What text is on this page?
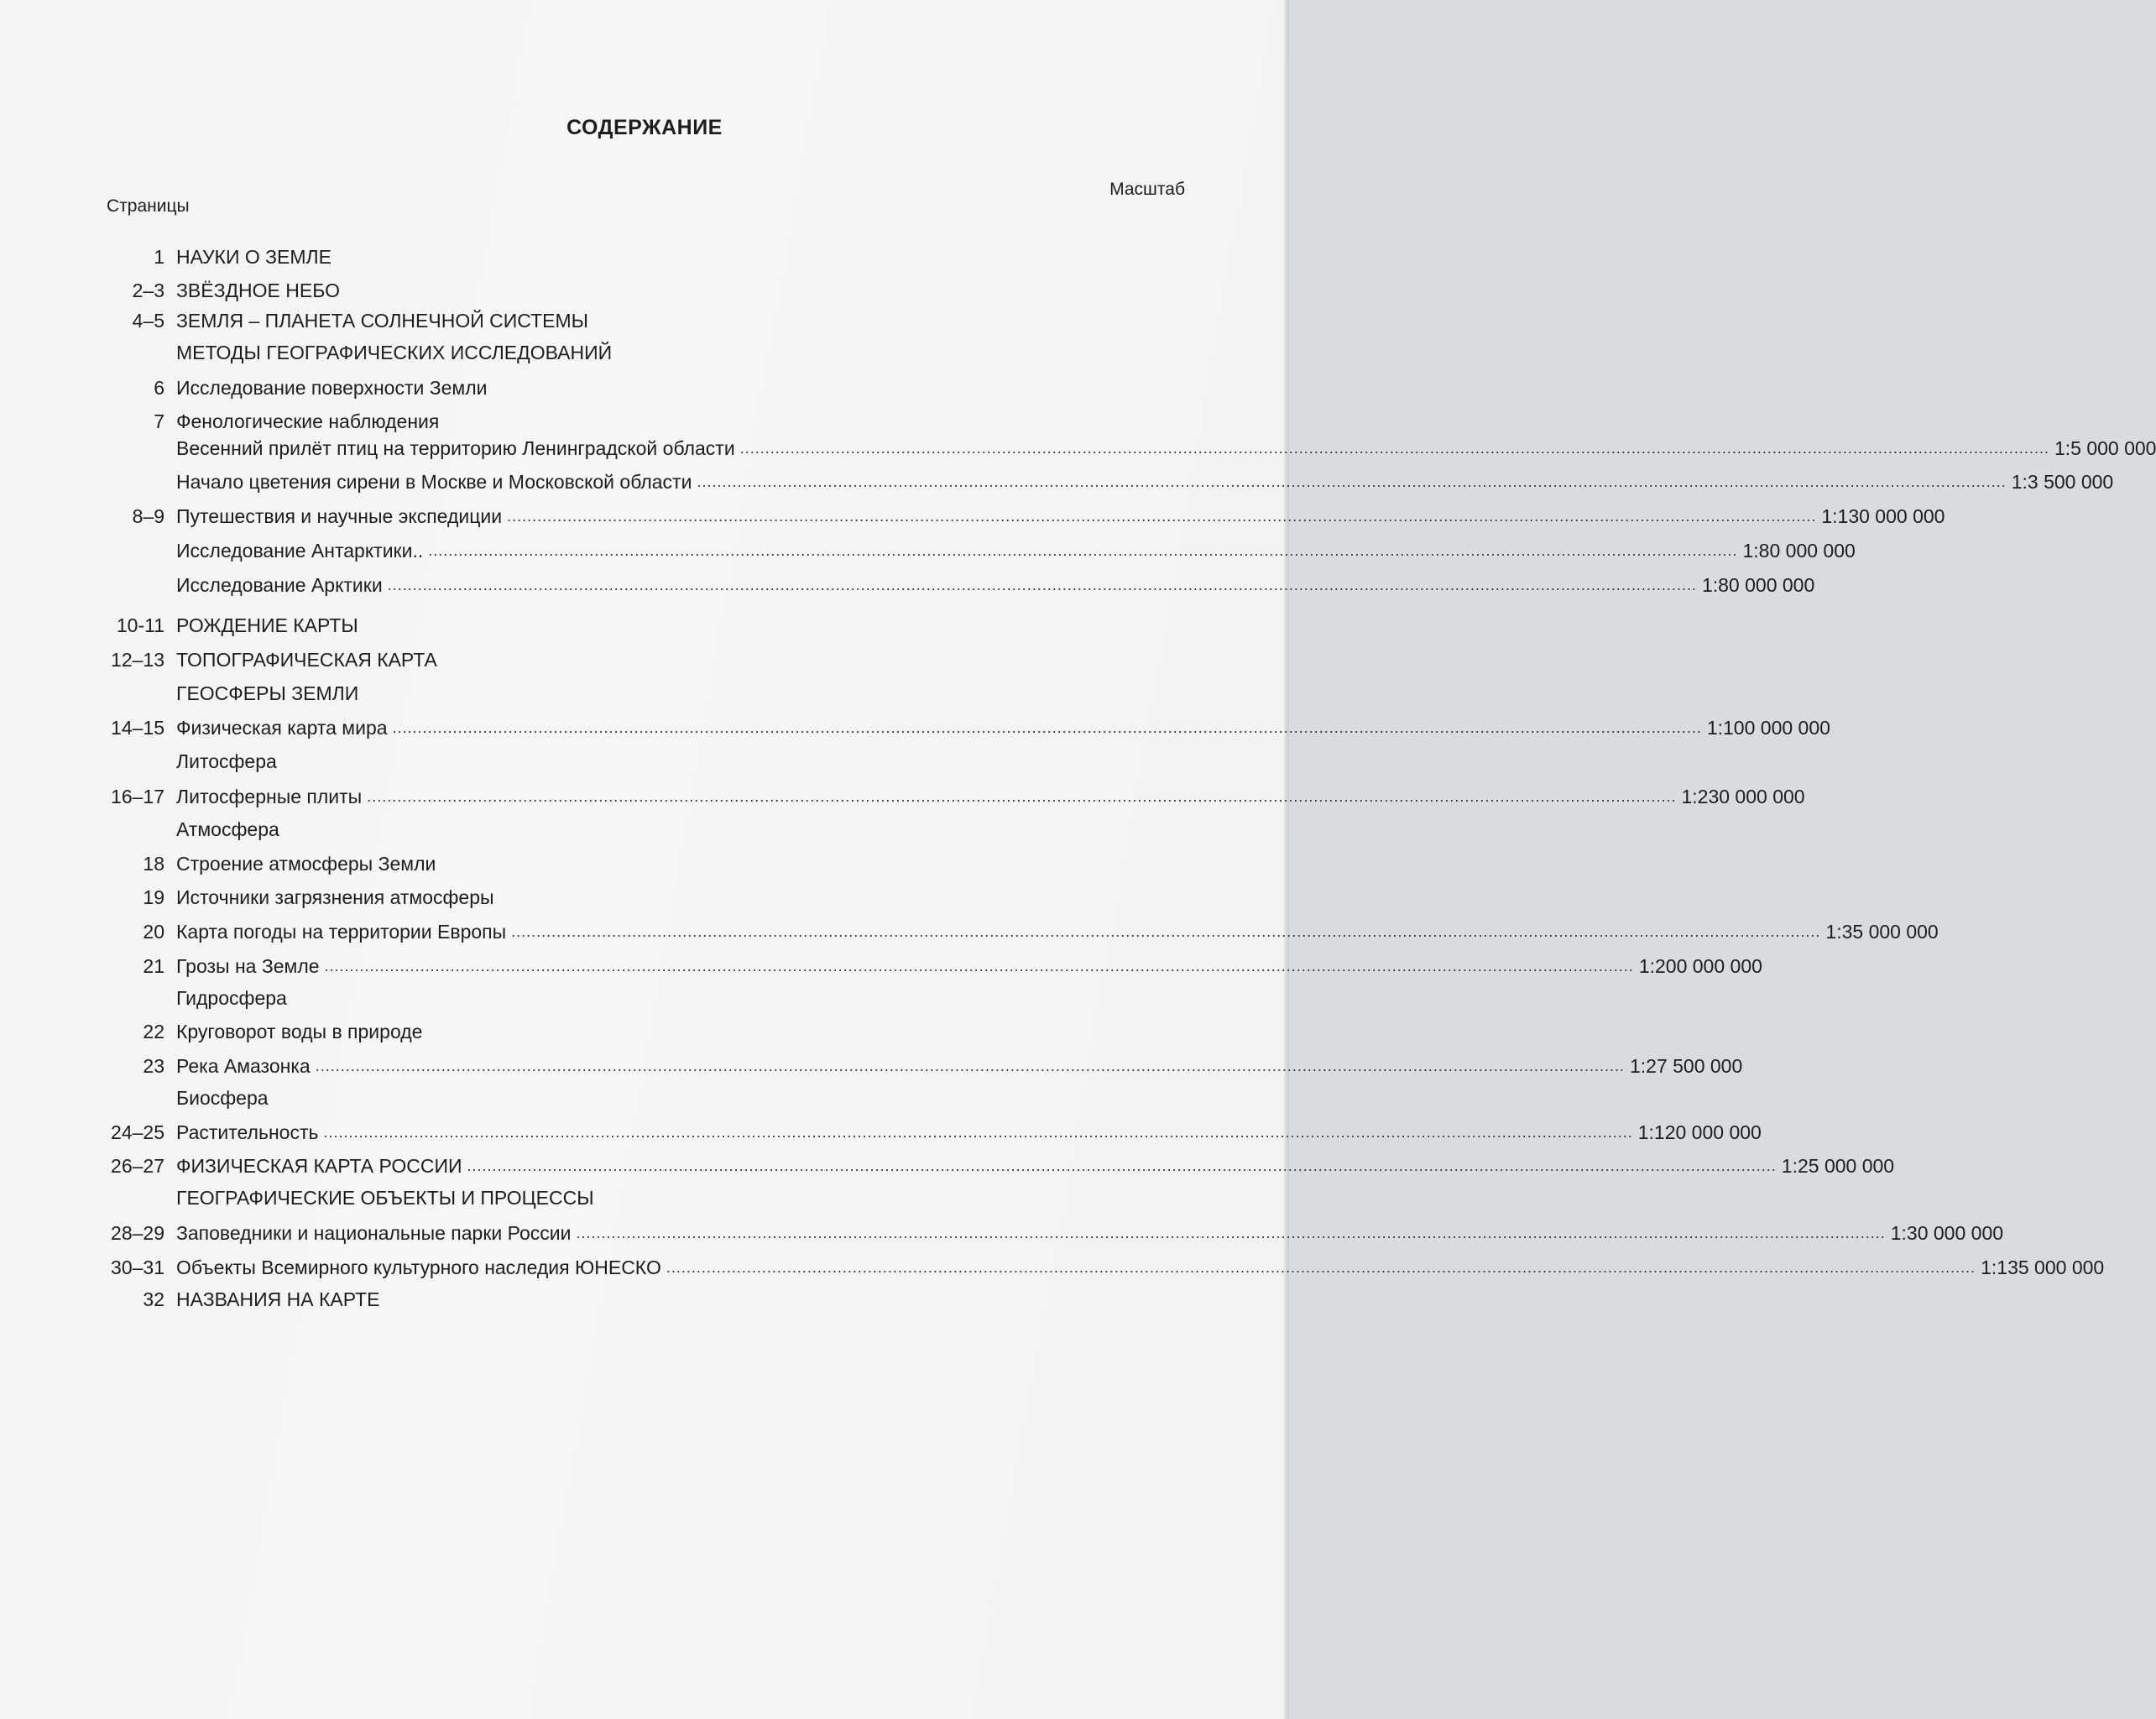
СОДЕРЖАНИЕ
Страницы
Масштаб
1 НАУКИ О ЗЕМЛЕ
2–3 ЗВЁЗДНОЕ НЕБО
4–5 ЗЕМЛЯ – ПЛАНЕТА СОЛНЕЧНОЙ СИСТЕМЫ
МЕТОДЫ ГЕОГРАФИЧЕСКИХ ИССЛЕДОВАНИЙ
6 Исследование поверхности Земли
7 Фенологические наблюдения
Весенний прилёт птиц на территорию Ленинградской области .................................................................................................................................................................................................................................................................... 1:5 000 000
Начало цветения сирени в Москве и Московской области .................................................................................................................................................................................................................................................................... 1:3 500 000
8–9 Путешествия и научные экспедиции .................................................................................................................................................................................................................................................................... 1:130 000 000
Исследование Антарктики.. .................................................................................................................................................................................................................................................................... 1:80 000 000
Исследование Арктики .................................................................................................................................................................................................................................................................... 1:80 000 000
10-11 РОЖДЕНИЕ КАРТЫ
12–13 ТОПОГРАФИЧЕСКАЯ КАРТА
ГЕОСФЕРЫ ЗЕМЛИ
14–15 Физическая карта мира .................................................................................................................................................................................................................................................................... 1:100 000 000
Литосфера
16–17 Литосферные плиты .................................................................................................................................................................................................................................................................... 1:230 000 000
Атмосфера
18 Строение атмосферы Земли
19 Источники загрязнения атмосферы
20 Карта погоды на территории Европы .................................................................................................................................................................................................................................................................... 1:35 000 000
21 Грозы на Земле .................................................................................................................................................................................................................................................................... 1:200 000 000
Гидросфера
22 Круговорот воды в природе
23 Река Амазонка .................................................................................................................................................................................................................................................................... 1:27 500 000
Биосфера
24–25 Растительность .................................................................................................................................................................................................................................................................... 1:120 000 000
26–27 ФИЗИЧЕСКАЯ КАРТА РОССИИ .................................................................................................................................................................................................................................................................... 1:25 000 000
ГЕОГРАФИЧЕСКИЕ ОБЪЕКТЫ И ПРОЦЕССЫ
28–29 Заповедники и национальные парки России .................................................................................................................................................................................................................................................................... 1:30 000 000
30–31 Объекты Всемирного культурного наследия ЮНЕСКО .................................................................................................................................................................................................................................................................... 1:135 000 000
32 НАЗВАНИЯ НА КАРТЕ
